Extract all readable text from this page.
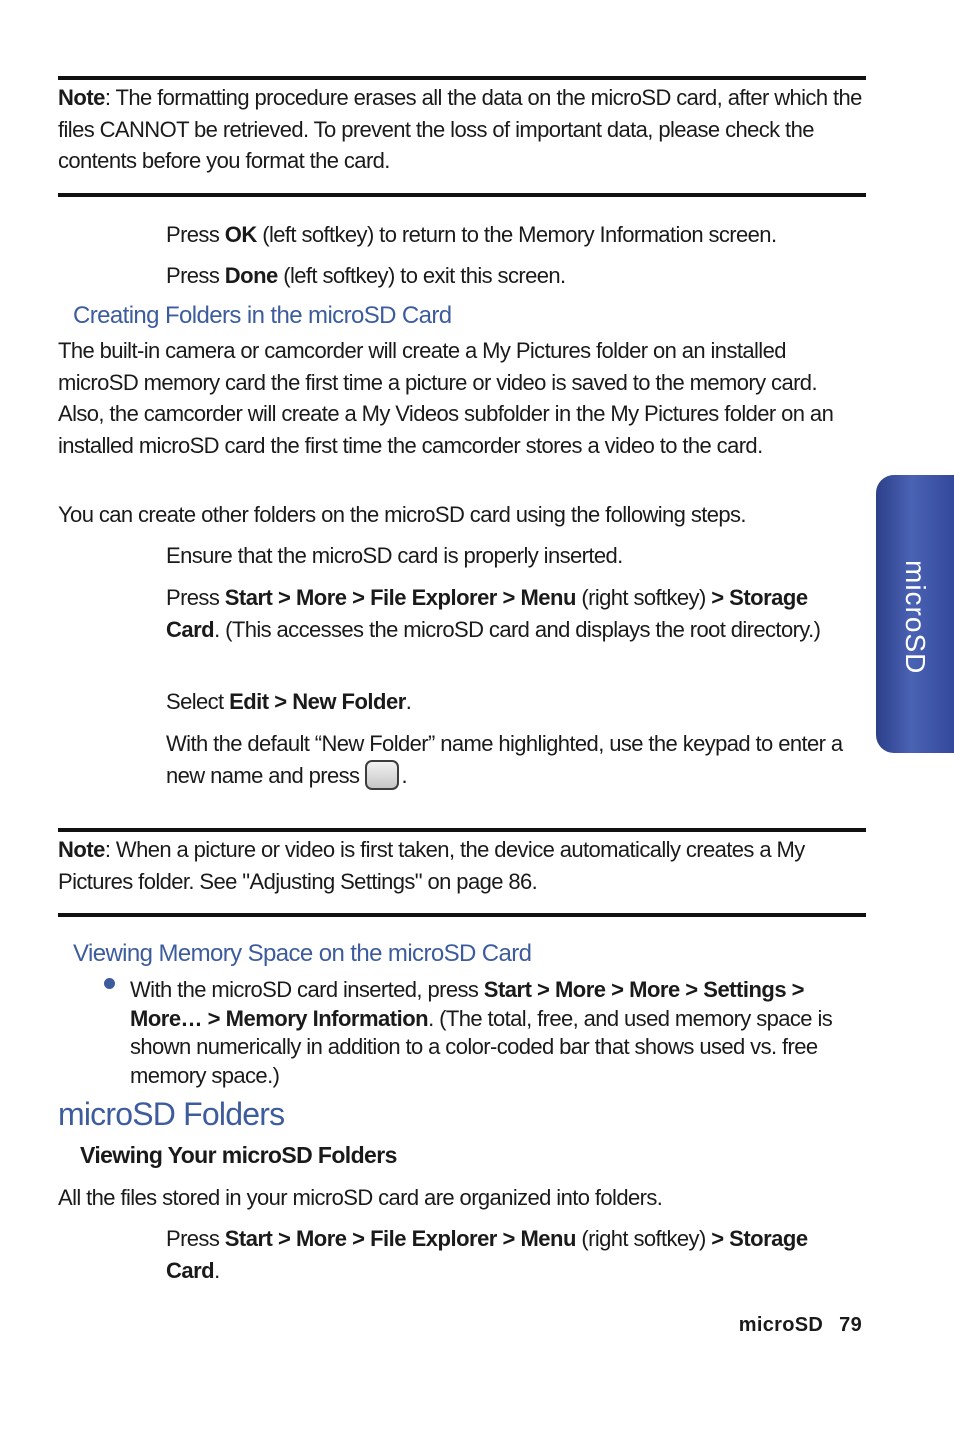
Note: The formatting procedure erases all the data on the microSD card, after which the files CANNOT be retrieved. To prevent the loss of important data, please check the contents before you format the card.
Press OK (left softkey) to return to the Memory Information screen.
Press Done (left softkey) to exit this screen.
Creating Folders in the microSD Card
The built-in camera or camcorder will create a My Pictures folder on an installed microSD memory card the first time a picture or video is saved to the memory card. Also, the camcorder will create a My Videos subfolder in the My Pictures folder on an installed microSD card the first time the camcorder stores a video to the card.
You can create other folders on the microSD card using the following steps.
Ensure that the microSD card is properly inserted.
Press Start > More > File Explorer > Menu (right softkey) > Storage Card. (This accesses the microSD card and displays the root directory.)
Select Edit > New Folder.
With the default “New Folder” name highlighted, use the keypad to enter a new name and press .
Note: When a picture or video is first taken, the device automatically creates a My Pictures folder. See "Adjusting Settings" on page 86.
Viewing Memory Space on the microSD Card
With the microSD card inserted, press Start > More > More > Settings > More… > Memory Information. (The total, free, and used memory space is shown numerically in addition to a color-coded bar that shows used vs. free memory space.)
microSD Folders
Viewing Your microSD Folders
All the files stored in your microSD card are organized into folders.
Press Start > More > File Explorer > Menu (right softkey) > Storage Card.
microSD
microSD 79
